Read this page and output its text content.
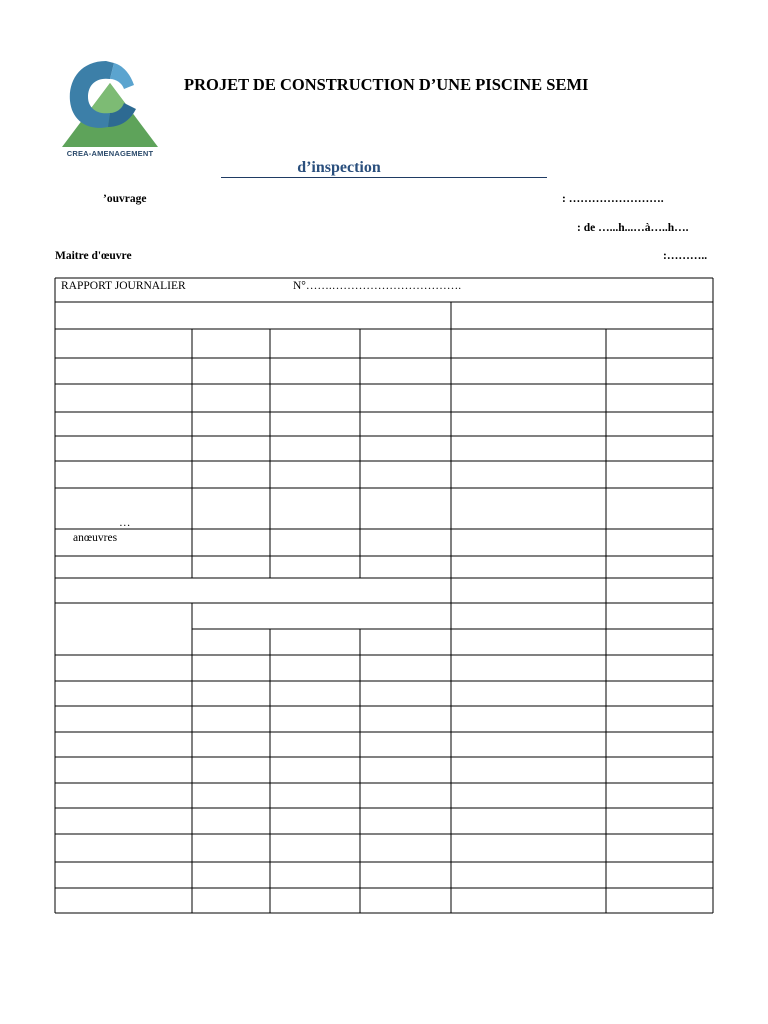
CREA-AMENAGEMENT
PROJET DE CONSTRUCTION D’UNE PISCINE SEMI
d’inspection
’ouvrage	: …………………….
: de …...h...…à…..h….
Maitre d'œuvre	:………..
RAPPORT JOURNALIER	N°…….…………………………….
…
anœuvres
